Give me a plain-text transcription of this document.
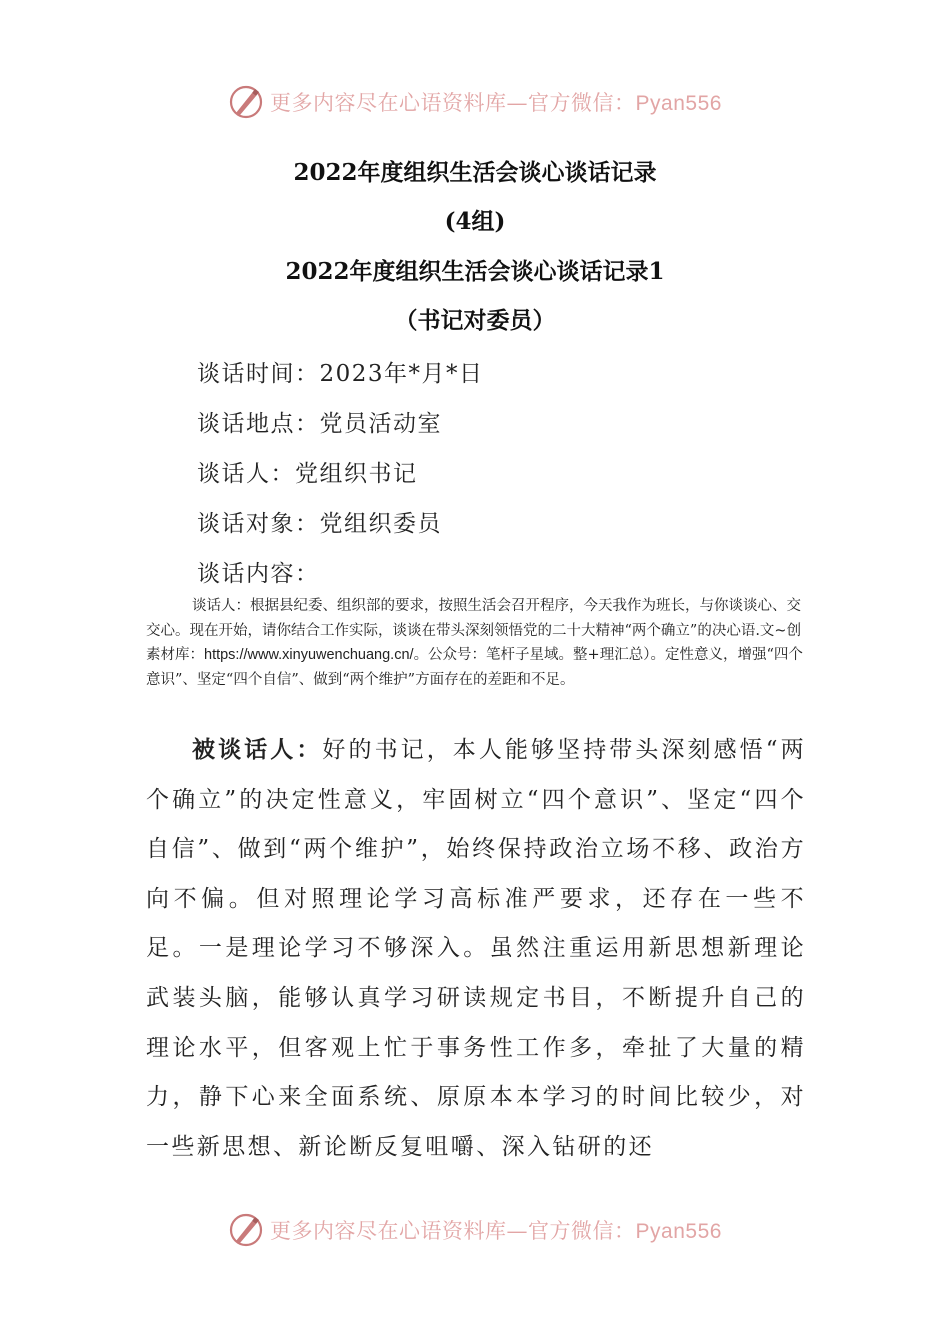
更多内容尽在心语资料库—官方微信：Pyan556
2022年度组织生活会谈心谈话记录
(4组)
2022年度组织生活会谈心谈话记录1
（书记对委员）
谈话时间：2023年*月*日
谈话地点：党员活动室
谈话人：党组织书记
谈话对象：党组织委员
谈话内容：
谈话人：根据县纪委、组织部的要求，按照生活会召开程序，今天我作为班长，与你谈谈心、交交心。现在开始，请你结合工作实际，谈谈在带头深刻领悟党的二十大精神“两个确立”的决心语.文~创素材库：https://www.xinyuwenchuang.cn/。公众号：笔杆子星域。整+理汇总）。定性意义，增强“四个意识”、坚定“四个自信”、做到“两个维护”方面存在的差距和不足。
被谈话人：好的书记，本人能够坚持带头深刻感悟“两个确立”的决定性意义，牢固树立“四个意识”、坚定“四个自信”、做到“两个维护”，始终保持政治立场不移、政治方向不偏。但对照理论学习高标准严要求，还存在一些不足。一是理论学习不够深入。虽然注重运用新思想新理论武装头脑，能够认真学习研读规定书目，不断提升自己的理论水平，但客观上忙于事务性工作多，牵扯了大量的精力，静下心来全面系统、原原本本学习的时间比较少，对一些新思想、新论断反复咀嚼、深入钻研的还
更多内容尽在心语资料库—官方微信：Pyan556
